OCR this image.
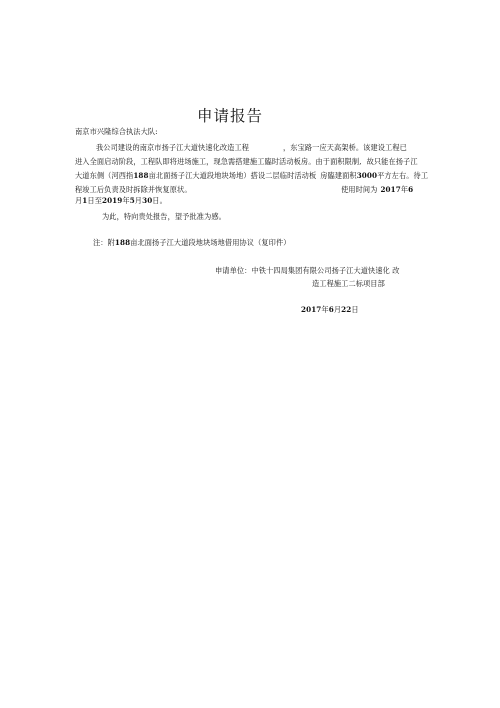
申请报告
南京市兴隆综合执法大队:
我公司建设的南京市扬子江大道快速化改造工程	，东宝路一应天高架桥。该建设工程已
进入全面启动阶段，工程队即将进场施工，现急需搭建施工臨时活动板房。由于面积限制, 故只能在扬子江
大道东侧（河西指188亩北面扬子江大道段地块场地）搭设二层临时活动板 房臨建面积3000平方左右。待工
程竣工后负责及时拆除并恢复原状。	使用时间为 2017年6
月1日至2019年5月30日。
为此，特向贵处报告，望予批准为感。
注：附188亩北面扬子江大道段地块场地借用协议（复印件）
申请单位：中铁十四局集团有限公司扬子江大道快速化 改
造工程施工二标项目部
2017年6月22日
